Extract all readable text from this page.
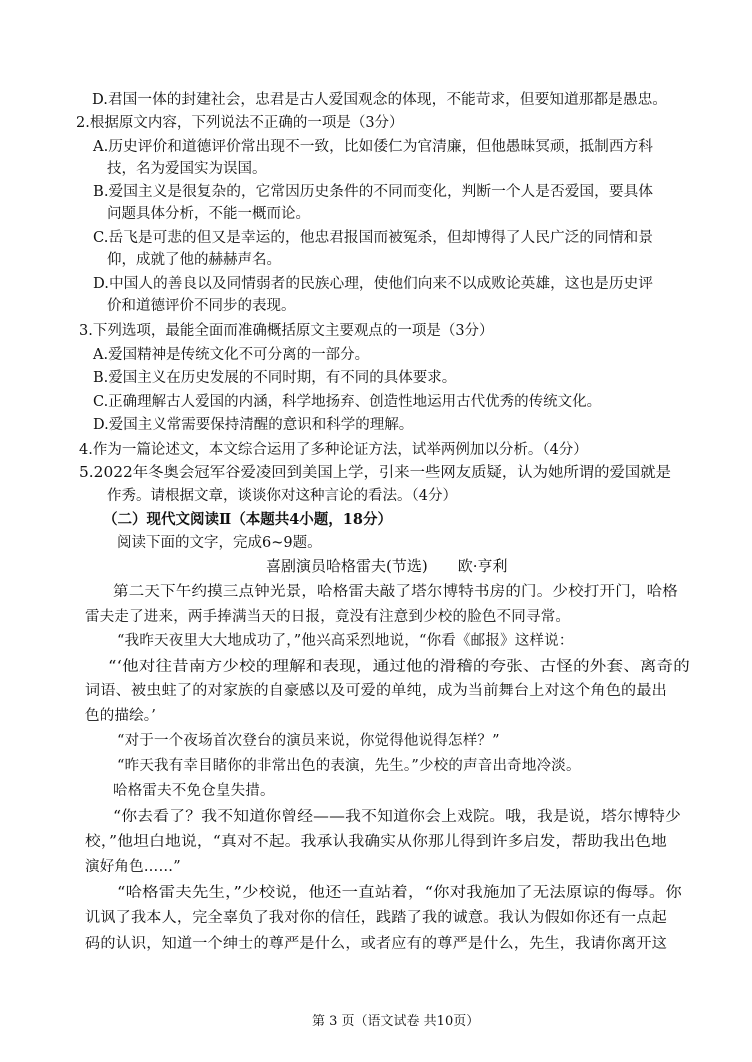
D.君国一体的封建社会，忠君是古人爱国观念的体现，不能苛求，但要知道那都是愚忠。
2.根据原文内容，下列说法不正确的一项是（3分）
A.历史评价和道德评价常出现不一致，比如倭仁为官清廉，但他愚昧冥顽，抵制西方科
技，名为爱国实为误国。
B.爱国主义是很复杂的，它常因历史条件的不同而变化，判断一个人是否爱国，要具体
问题具体分析，不能一概而论。
C.岳飞是可悲的但又是幸运的，他忠君报国而被冤杀，但却博得了人民广泛的同情和景
仰，成就了他的赫赫声名。
D.中国人的善良以及同情弱者的民族心理，使他们向来不以成败论英雄，这也是历史评
价和道德评价不同步的表现。
3.下列选项，最能全面而准确概括原文主要观点的一项是（3分）
A.爱国精神是传统文化不可分离的一部分。
B.爱国主义在历史发展的不同时期，有不同的具体要求。
C.正确理解古人爱国的内涵，科学地扬弃、创造性地运用古代优秀的传统文化。
D.爱国主义常需要保持清醒的意识和科学的理解。
4.作为一篇论述文，本文综合运用了多种论证方法，试举两例加以分析。（4分）
5.2022年冬奥会冠军谷爱凌回到美国上学，引来一些网友质疑，认为她所谓的爱国就是
作秀。请根据文章，谈谈你对这种言论的看法。（4分）
（二）现代文阅读Ⅱ（本题共4小题，18分）
阅读下面的文字，完成6~9题。
喜剧演员哈格雷夫(节选)　　欧·亨利
第二天下午约摸三点钟光景，哈格雷夫敲了塔尔博特书房的门。少校打开门，哈格
雷夫走了进来，两手捧满当天的日报，竟没有注意到少校的脸色不同寻常。
“我昨天夜里大大地成功了，”他兴高采烈地说，“你看《邮报》这样说：
“‘他对往昔南方少校的理解和表现，通过他的滑稽的夸张、古怪的外套、离奇的
词语、被虫蛀了的对家族的自豪感以及可爱的单纯，成为当前舞台上对这个角色的最出
色的描绘。’
“对于一个夜场首次登台的演员来说，你觉得他说得怎样？”
“昨天我有幸目睹你的非常出色的表演，先生。”少校的声音出奇地冷淡。
哈格雷夫不免仓皇失措。
“你去看了？我不知道你曾经——我不知道你会上戏院。哦，我是说，塔尔博特少
校，”他坦白地说，“真对不起。我承认我确实从你那儿得到许多启发，帮助我出色地
演好角色……”
“哈格雷夫先生，”少校说，他还一直站着，“你对我施加了无法原谅的侮辱。你
讥讽了我本人，完全辜负了我对你的信任，践踏了我的诚意。我认为假如你还有一点起
码的认识，知道一个绅士的尊严是什么，或者应有的尊严是什么，先生，我请你离开这
第 3 页（语文试卷 共10页）
